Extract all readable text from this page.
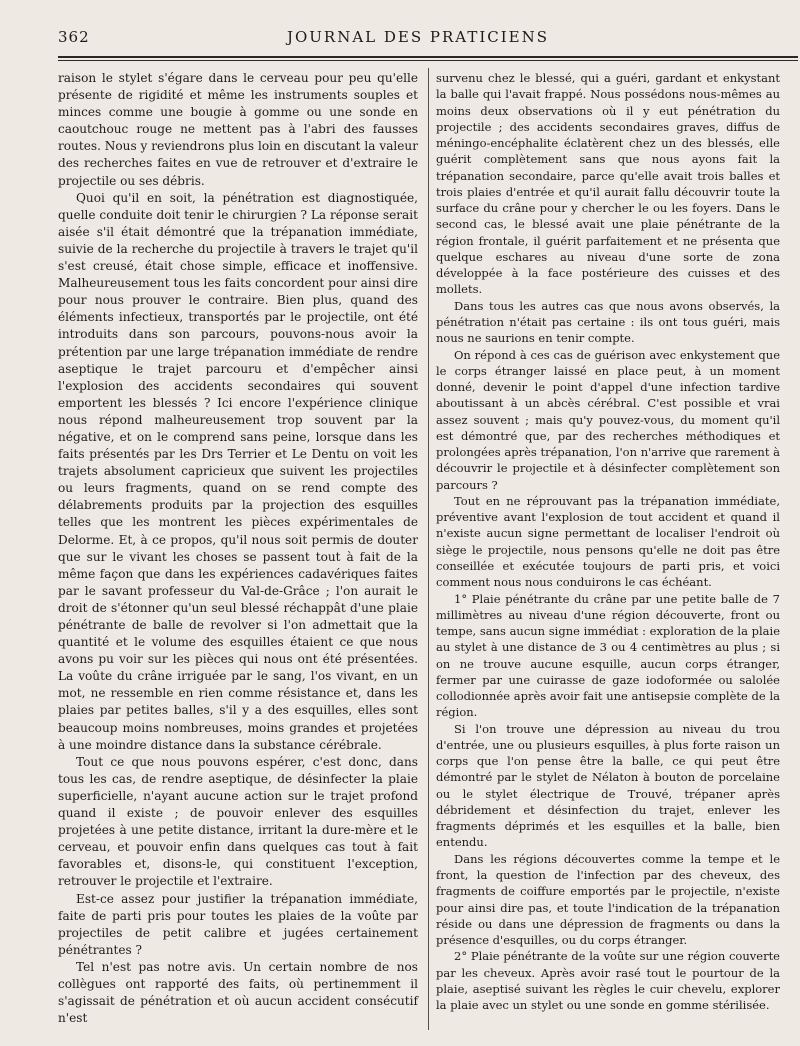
362	JOURNAL DES PRATICIENS

raison le stylet s'égare dans le cerveau pour peu qu'elle présente de rigidité et même les instruments souples et minces comme une bougie à gomme ou une sonde en caoutchouc rouge ne mettent pas à l'abri des fausses routes. Nous y reviendrons plus loin en discutant la valeur des recherches faites en vue de retrouver et d'extraire le projectile ou ses débris.

Quoi qu'il en soit, la pénétration est diagnostiquée, quelle conduite doit tenir le chirurgien ? La réponse serait aisée s'il était démontré que la trépanation immédiate, suivie de la recherche du projectile à travers le trajet qu'il s'est creusé, était chose simple, efficace et inoffensive. Malheureusement tous les faits concordent pour ainsi dire pour nous prouver le contraire. Bien plus, quand des éléments infectieux, transportés par le projectile, ont été introduits dans son parcours, pouvons-nous avoir la prétention par une large trépanation immédiate de rendre aseptique le trajet parcouru et d'empêcher ainsi l'explosion des accidents secondaires qui souvent emportent les blessés ? Ici encore l'expérience clinique nous répond malheureusement trop souvent par la négative, et on le comprend sans peine, lorsque dans les faits présentés par les Drs Terrier et Le Dentu on voit les trajets absolument capricieux que suivent les projectiles ou leurs fragments, quand on se rend compte des délabrements produits par la projection des esquilles telles que les montrent les pièces expérimentales de Delorme. Et, à ce propos, qu'il nous soit permis de douter que sur le vivant les choses se passent tout à fait de la même façon que dans les expériences cadavériques faites par le savant professeur du Val-de-Grâce ; l'on aurait le droit de s'étonner qu'un seul blessé réchappât d'une plaie pénétrante de balle de revolver si l'on admettait que la quantité et le volume des esquilles étaient ce que nous avons pu voir sur les pièces qui nous ont été présentées. La voûte du crâne irriguée par le sang, l'os vivant, en un mot, ne ressemble en rien comme résistance et, dans les plaies par petites balles, s'il y a des esquilles, elles sont beaucoup moins nombreuses, moins grandes et projetées à une moindre distance dans la substance cérébrale.

Tout ce que nous pouvons espérer, c'est donc, dans tous les cas, de rendre aseptique, de désinfecter la plaie superficielle, n'ayant aucune action sur le trajet profond quand il existe ; de pouvoir enlever des esquilles projetées à une petite distance, irritant la dure-mère et le cerveau, et pouvoir enfin dans quelques cas tout à fait favorables et, disons-le, qui constituent l'exception, retrouver le projectile et l'extraire.

Est-ce assez pour justifier la trépanation immédiate, faite de parti pris pour toutes les plaies de la voûte par projectiles de petit calibre et jugées certainement pénétrantes ?

Tel n'est pas notre avis. Un certain nombre de nos collègues ont rapporté des faits, où pertinemment il s'agissait de pénétration et où aucun accident consécutif n'est

survenu chez le blessé, qui a guéri, gardant et enkystant la balle qui l'avait frappé. Nous possédons nous-mêmes au moins deux observations où il y eut pénétration du projectile ; des accidents secondaires graves, diffus de méningo-encéphalite éclatèrent chez un des blessés, elle guérit complètement sans que nous ayons fait la trépanation secondaire, parce qu'elle avait trois balles et trois plaies d'entrée et qu'il aurait fallu découvrir toute la surface du crâne pour y chercher le ou les foyers. Dans le second cas, le blessé avait une plaie pénétrante de la région frontale, il guérit parfaitement et ne présenta que quelque eschares au niveau d'une sorte de zona développée à la face postérieure des cuisses et des mollets.

Dans tous les autres cas que nous avons observés, la pénétration n'était pas certaine : ils ont tous guéri, mais nous ne saurions en tenir compte.

On répond à ces cas de guérison avec enkystement que le corps étranger laissé en place peut, à un moment donné, devenir le point d'appel d'une infection tardive aboutissant à un abcès cérébral. C'est possible et vrai assez souvent ; mais qu'y pouvez-vous, du moment qu'il est démontré que, par des recherches méthodiques et prolongées après trépanation, l'on n'arrive que rarement à découvrir le projectile et à désinfecter complètement son parcours ?

Tout en ne réprouvant pas la trépanation immédiate, préventive avant l'explosion de tout accident et quand il n'existe aucun signe permettant de localiser l'endroit où siège le projectile, nous pensons qu'elle ne doit pas être conseillée et exécutée toujours de parti pris, et voici comment nous nous conduirons le cas échéant.

1° Plaie pénétrante du crâne par une petite balle de 7 millimètres au niveau d'une région découverte, front ou tempe, sans aucun signe immédiat : exploration de la plaie au stylet à une distance de 3 ou 4 centimètres au plus ; si on ne trouve aucune esquille, aucun corps étranger, fermer par une cuirasse de gaze iodoformée ou salolée collodionnée après avoir fait une antisepsie complète de la région.

Si l'on trouve une dépression au niveau du trou d'entrée, une ou plusieurs esquilles, à plus forte raison un corps que l'on pense être la balle, ce qui peut être démontré par le stylet de Nélaton à bouton de porcelaine ou le stylet électrique de Trouvé, trépaner après débridement et désinfection du trajet, enlever les fragments déprimés et les esquilles et la balle, bien entendu.

Dans les régions découvertes comme la tempe et le front, la question de l'infection par des cheveux, des fragments de coiffure emportés par le projectile, n'existe pour ainsi dire pas, et toute l'indication de la trépanation réside ou dans une dépression de fragments ou dans la présence d'esquilles, ou du corps étranger.

2° Plaie pénétrante de la voûte sur une région couverte par les cheveux. Après avoir rasé tout le pourtour de la plaie, aseptisé suivant les règles le cuir chevelu, explorer la plaie avec un stylet ou une sonde en gomme stérilisée.
